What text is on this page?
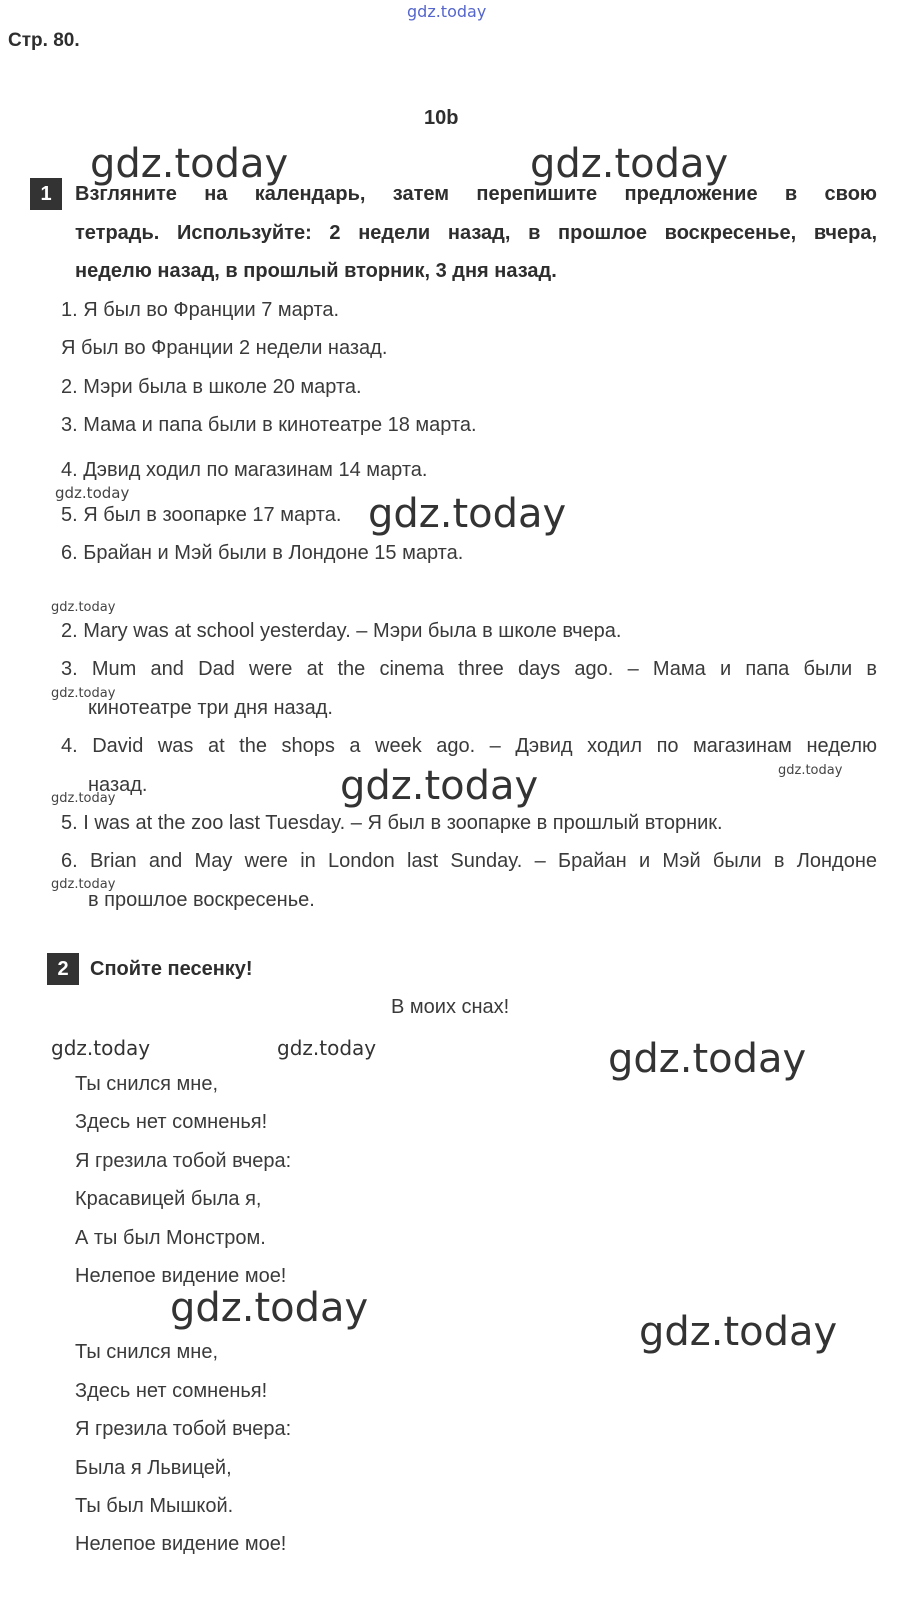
gdz.today
Стр. 80.
10b
gdz.today	gdz.today
1	Взгляните на календарь, затем перепишите предложение в свою
тетрадь. Используйте: 2 недели назад, в прошлое воскресенье, вчера,
неделю назад, в прошлый вторник, 3 дня назад.
1. Я был во Франции 7 марта.
Я был во Франции 2 недели назад.
2. Мэри была в школе 20 марта.
3. Мама и папа были в кинотеатре 18 марта.
4. Дэвид ходил по магазинам 14 марта.
gdz.today
5. Я был в зоопарке 17 марта. gdz.today
6. Брайан и Мэй были в Лондоне 15 марта.
gdz.today
2. Mary was at school yesterday. – Мэри была в школе вчера.
3. Mum and Dad were at the cinema three days ago. – Мама и папа были в
gdz.today
кинотеатре три дня назад.
4. David was at the shops a week ago. – Дэвид ходил по магазинам неделю
назад.	gdz.today	gdz.today
gdz.today
5. I was at the zoo last Tuesday. – Я был в зоопарке в прошлый вторник.
6. Brian and May were in London last Sunday. – Брайан и Мэй были в Лондоне
gdz.today
в прошлое воскресенье.
2	Спойте песенку!
В моих снах!
gdz.today	gdz.today	gdz.today
Ты снился мне,
Здесь нет сомненья!
Я грезила тобой вчера:
Красавицей была я,
А ты был Монстром.
Нелепое видение мое!
gdz.today
gdz.today
Ты снился мне,
Здесь нет сомненья!
Я грезила тобой вчера:
Была я Львицей,
Ты был Мышкой.
Нелепое видение мое!
